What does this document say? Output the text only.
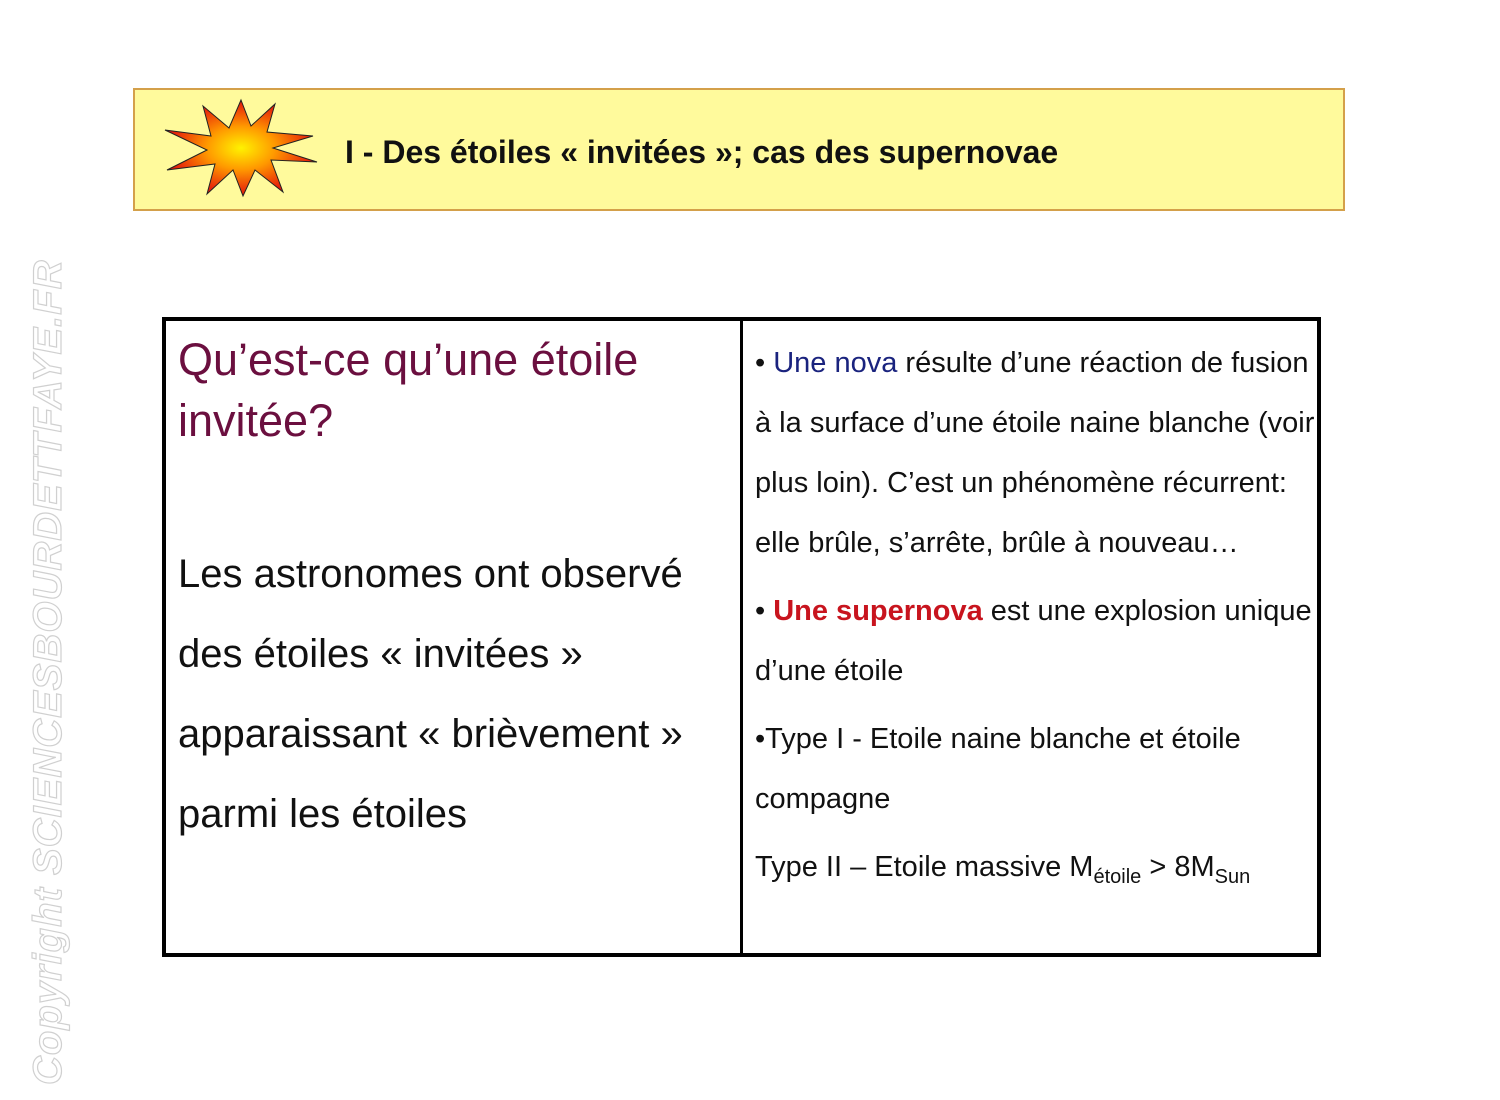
Copyright SCIENCESBOURDETTFAYE.FR
I - Des étoiles « invitées »; cas des supernovae

Qu’est-ce qu’une étoile invitée?

Les astronomes ont observé des étoiles « invitées » apparaissant « brièvement » parmi les étoiles

• Une nova résulte d’une réaction de fusion à la surface d’une étoile naine blanche (voir plus loin). C’est un phénomène récurrent: elle brûle, s’arrête, brûle à nouveau…

• Une supernova est une explosion unique d’une étoile

•Type I - Etoile naine blanche et étoile compagne

Type II – Etoile massive $M_{étoile} > 8M_{Sun}$
